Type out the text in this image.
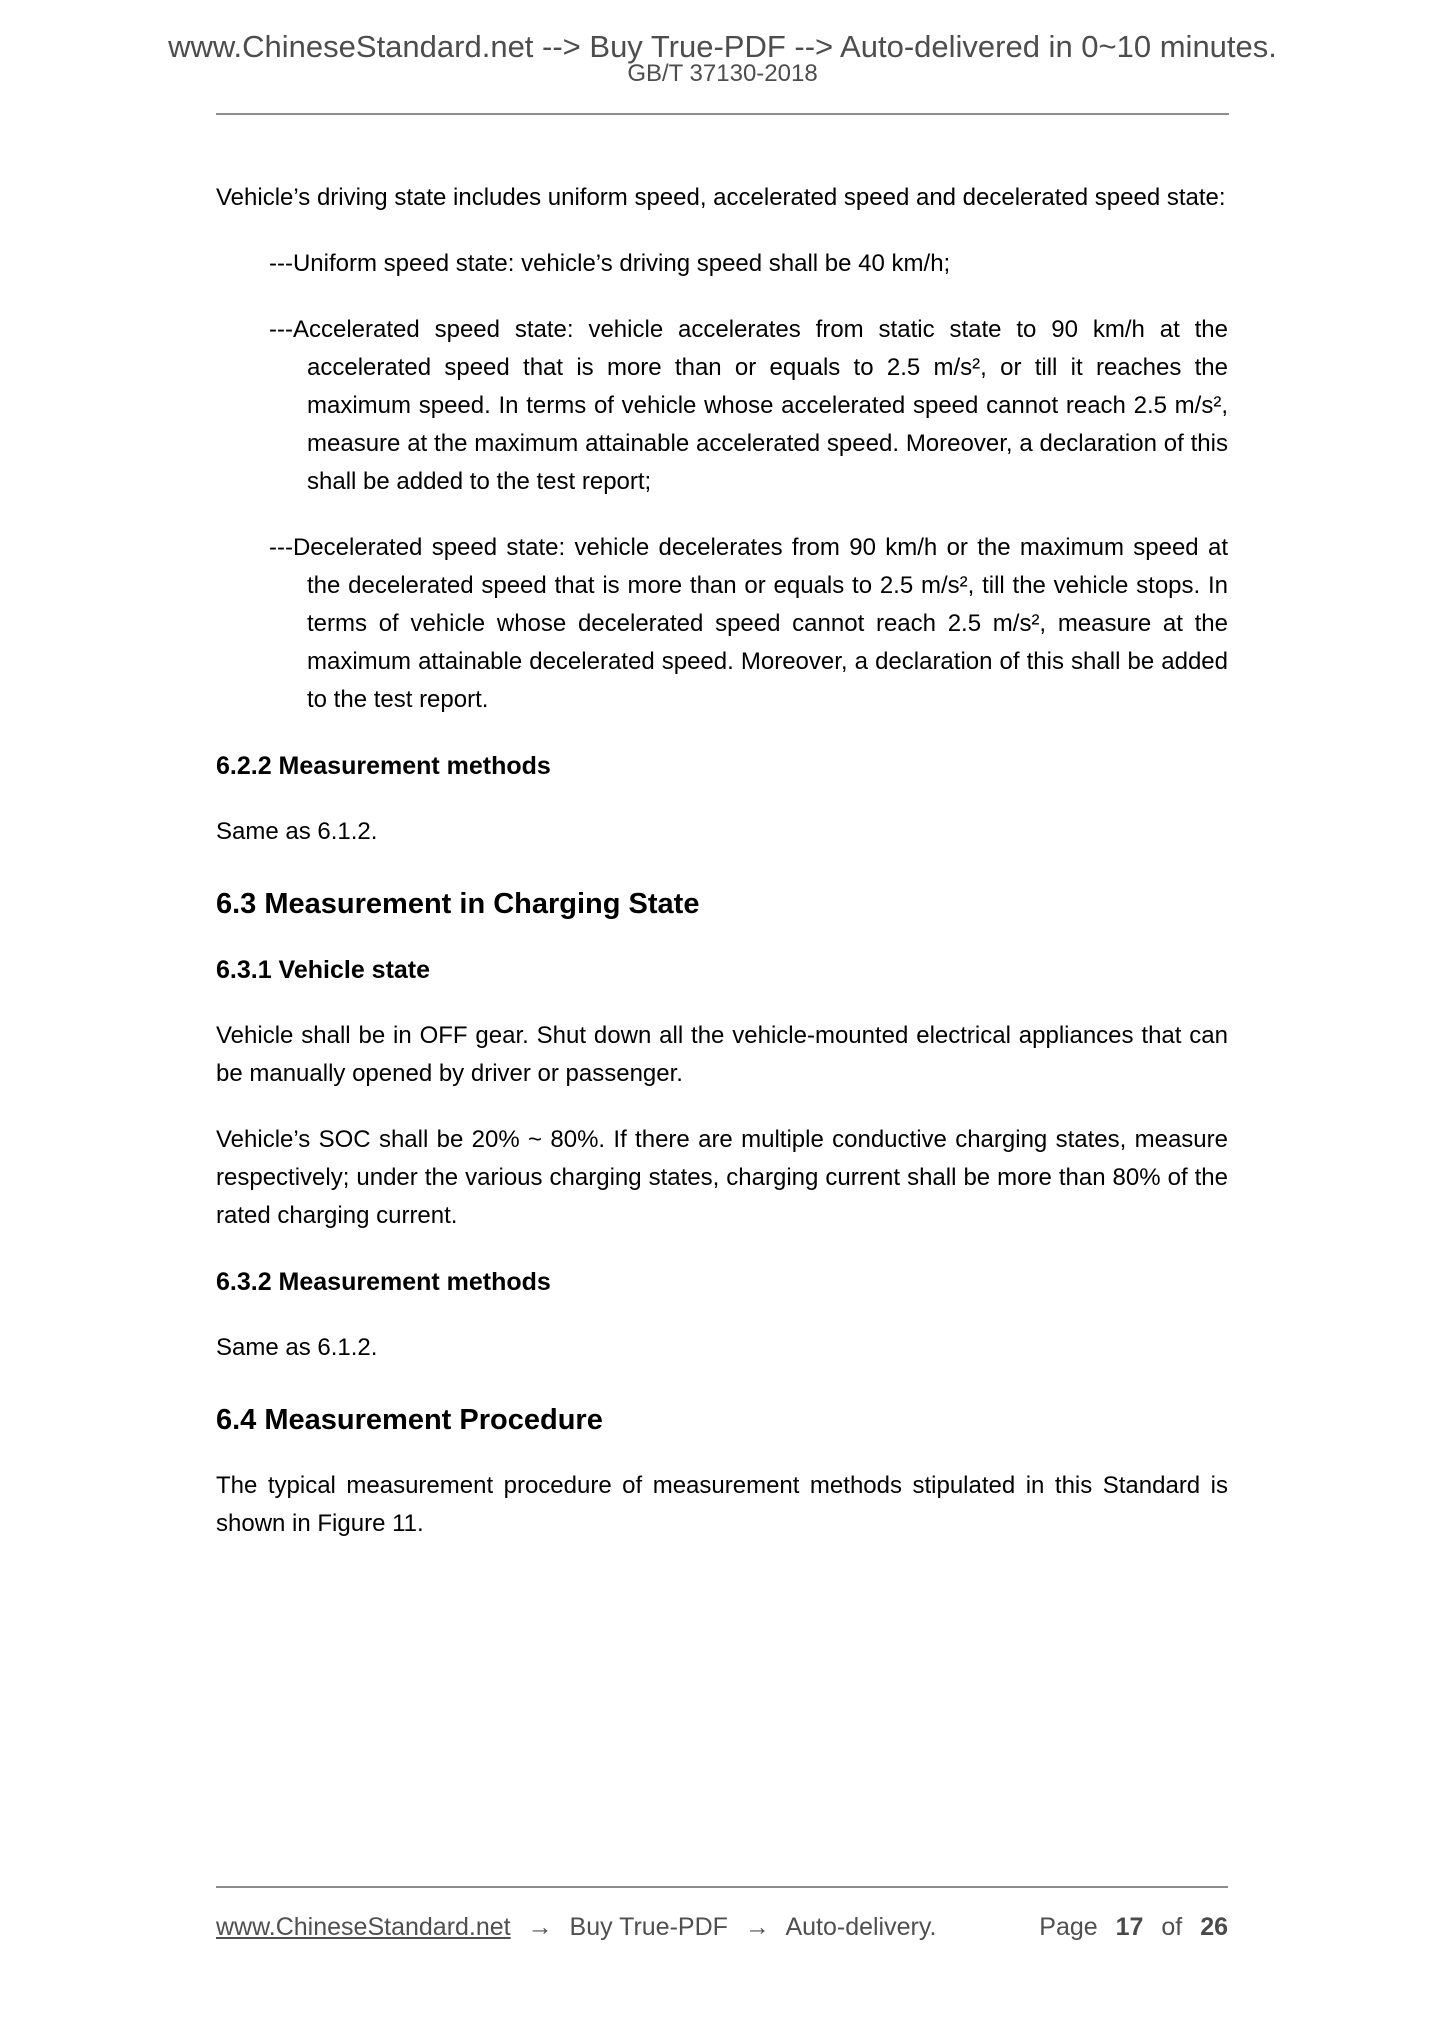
www.ChineseStandard.net --> Buy True-PDF --> Auto-delivered in 0~10 minutes.
GB/T 37130-2018

Vehicle’s driving state includes uniform speed, accelerated speed and decelerated speed state:

---Uniform speed state: vehicle’s driving speed shall be 40 km/h;
---Accelerated speed state: vehicle accelerates from static state to 90 km/h at the accelerated speed that is more than or equals to 2.5 m/s², or till it reaches the maximum speed. In terms of vehicle whose accelerated speed cannot reach 2.5 m/s², measure at the maximum attainable accelerated speed. Moreover, a declaration of this shall be added to the test report;
---Decelerated speed state: vehicle decelerates from 90 km/h or the maximum speed at the decelerated speed that is more than or equals to 2.5 m/s², till the vehicle stops. In terms of vehicle whose decelerated speed cannot reach 2.5 m/s², measure at the maximum attainable decelerated speed. Moreover, a declaration of this shall be added to the test report.
6.2.2 Measurement methods

Same as 6.1.2.

6.3 Measurement in Charging State
6.3.1 Vehicle state

Vehicle shall be in OFF gear. Shut down all the vehicle-mounted electrical appliances that can be manually opened by driver or passenger.

Vehicle’s SOC shall be 20% ~ 80%. If there are multiple conductive charging states, measure respectively; under the various charging states, charging current shall be more than 80% of the rated charging current.

6.3.2 Measurement methods

Same as 6.1.2.

6.4 Measurement Procedure

The typical measurement procedure of measurement methods stipulated in this Standard is shown in Figure 11.

www.ChineseStandard.net → Buy True-PDF → Auto-delivery.	Page 17 of 26
